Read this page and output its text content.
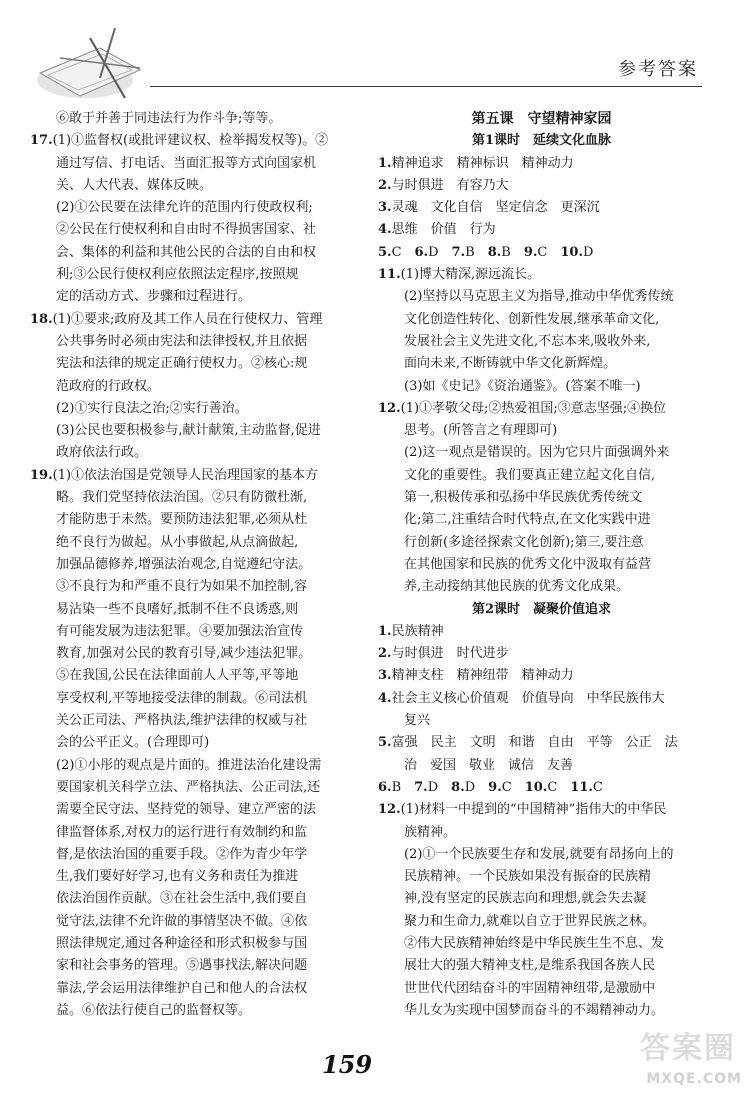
参考答案

⑥敢于并善于同违法行为作斗争;等等。

17.(1)①监督权(或批评建议权、检举揭发权等)。②

通过写信、打电话、当面汇报等方式向国家机

关、人大代表、媒体反映。

(2)①公民要在法律允许的范围内行使政权利;

②公民在行使权利和自由时不得损害国家、社

会、集体的利益和其他公民的合法的自由和权

利;③公民行使权利应依照法定程序,按照规

定的活动方式、步骤和过程进行。

18.(1)①要求;政府及其工作人员在行使权力、管理

公共事务时必须由宪法和法律授权,并且依据

宪法和法律的规定正确行使权力。②核心:规

范政府的行政权。

(2)①实行良法之治;②实行善治。

(3)公民也要积极参与,献计献策,主动监督,促进

政府依法行政。

19.(1)①依法治国是党领导人民治理国家的基本方

略。我们党坚持依法治国。②只有防微杜渐,

才能防患于未然。要预防违法犯罪,必须从杜

绝不良行为做起。从小事做起,从点滴做起,

加强品德修养,增强法治观念,自觉遵纪守法。

③不良行为和严重不良行为如果不加控制,容

易沾染一些不良嗜好,抵制不住不良诱惑,则

有可能发展为违法犯罪。④要加强法治宣传

教育,加强对公民的教育引导,减少违法犯罪。

⑤在我国,公民在法律面前人人平等,平等地

享受权利,平等地接受法律的制裁。⑥司法机

关公正司法、严格执法,维护法律的权威与社

会的公平正义。(合理即可)

(2)①小彤的观点是片面的。推进法治化建设需

要国家机关科学立法、严格执法、公正司法,还

需要全民守法、坚持党的领导、建立严密的法

律监督体系,对权力的运行进行有效制约和监

督,是依法治国的重要手段。②作为青少年学

生,我们要好好学习,也有义务和责任为推进

依法治国作贡献。③在社会生活中,我们要自

觉守法,法律不允许做的事情坚决不做。④依

照法律规定,通过各种途径和形式积极参与国

家和社会事务的管理。⑤遇事找法,解决问题

靠法,学会运用法律维护自己和他人的合法权

益。⑥依法行使自己的监督权等。

第五课　守望精神家园

第1课时　延续文化血脉

1.精神追求　精神标识　精神动力

2.与时俱进　有容乃大

3.灵魂　文化自信　坚定信念　更深沉

4.思维　价值　行为

5.C　6.D　7.B　8.B　9.C　10.D

11.(1)博大精深,源远流长。

(2)坚持以马克思主义为指导,推动中华优秀传统

文化创造性转化、创新性发展,继承革命文化,

发展社会主义先进文化,不忘本来,吸收外来,

面向未来,不断铸就中华文化新辉煌。

(3)如《史记》《资治通鉴》。(答案不唯一)

12.(1)①孝敬父母;②热爱祖国;③意志坚强;④换位

思考。(所答言之有理即可)

(2)这一观点是错误的。因为它只片面强调外来

文化的重要性。我们要真正建立起文化自信,

第一,积极传承和弘扬中华民族优秀传统文

化;第二,注重结合时代特点,在文化实践中进

行创新(多途径探索文化创新);第三,要注意

在其他国家和民族的优秀文化中汲取有益营

养,主动接纳其他民族的优秀文化成果。

第2课时　凝聚价值追求

1.民族精神

2.与时俱进　时代进步

3.精神支柱　精神纽带　精神动力

4.社会主义核心价值观　价值导向　中华民族伟大

复兴

5.富强　民主　文明　和谐　自由　平等　公正　法

治　爱国　敬业　诚信　友善

6.B　7.D　8.D　9.C　10.C　11.C

12.(1)材料一中提到的“中国精神”指伟大的中华民

族精神。

(2)①一个民族要生存和发展,就要有昂扬向上的

民族精神。一个民族如果没有振奋的民族精

神,没有坚定的民族志向和理想,就会失去凝

聚力和生命力,就难以自立于世界民族之林。

②伟大民族精神始终是中华民族生生不息、发

展壮大的强大精神支柱,是维系我国各族人民

世世代代团结奋斗的牢固精神纽带,是激励中

华儿女为实现中国梦而奋斗的不竭精神动力。

159	答案圈
MXQE.COM
